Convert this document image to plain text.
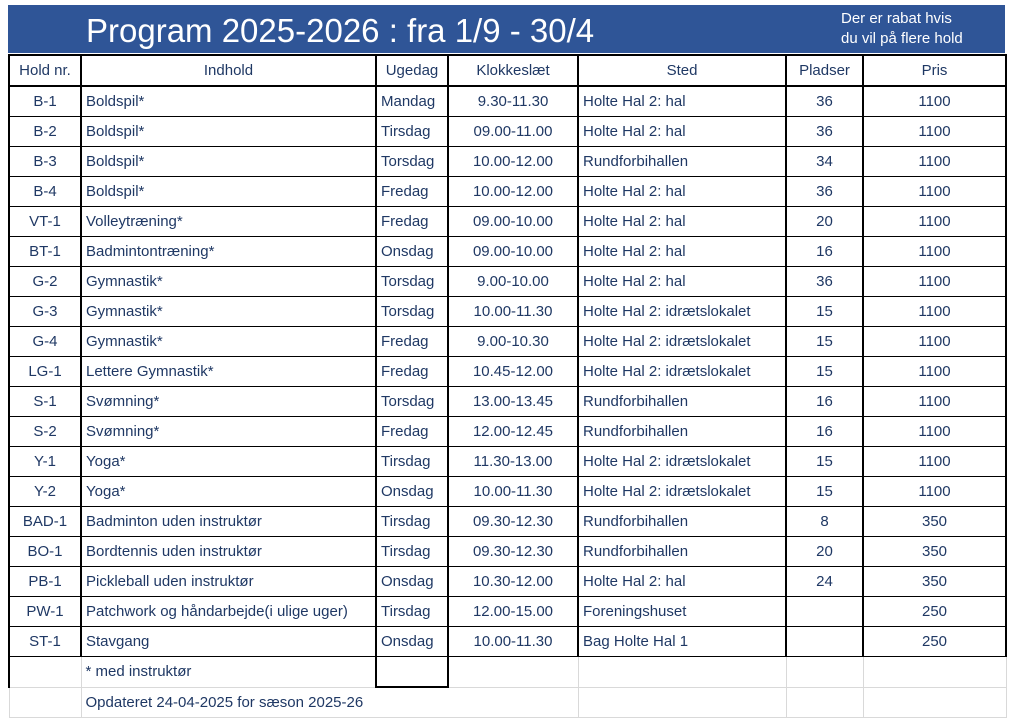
Program 2025-2026 : fra 1/9 - 30/4	Der er rabat hvis
du vil på flere hold
Hold nr.	Indhold	Ugedag	Klokkeslæt	Sted	Pladser	Pris
B-1	Boldspil*	Mandag	9.30-11.30	Holte Hal 2: hal	36	1100
B-2	Boldspil*	Tirsdag	09.00-11.00	Holte Hal 2: hal	36	1100
B-3	Boldspil*	Torsdag	10.00-12.00	Rundforbihallen	34	1100
B-4	Boldspil*	Fredag	10.00-12.00	Holte Hal 2: hal	36	1100
VT-1	Volleytræning*	Fredag	09.00-10.00	Holte Hal 2: hal	20	1100
BT-1	Badmintontræning*	Onsdag	09.00-10.00	Holte Hal 2: hal	16	1100
G-2	Gymnastik*	Torsdag	9.00-10.00	Holte Hal 2: hal	36	1100
G-3	Gymnastik*	Torsdag	10.00-11.30	Holte Hal 2: idrætslokalet	15	1100
G-4	Gymnastik*	Fredag	9.00-10.30	Holte Hal 2: idrætslokalet	15	1100
LG-1	Lettere Gymnastik*	Fredag	10.45-12.00	Holte Hal 2: idrætslokalet	15	1100
S-1	Svømning*	Torsdag	13.00-13.45	Rundforbihallen	16	1100
S-2	Svømning*	Fredag	12.00-12.45	Rundforbihallen	16	1100
Y-1	Yoga*	Tirsdag	11.30-13.00	Holte Hal 2: idrætslokalet	15	1100
Y-2	Yoga*	Onsdag	10.00-11.30	Holte Hal 2: idrætslokalet	15	1100
BAD-1	Badminton uden instruktør	Tirsdag	09.30-12.30	Rundforbihallen	8	350
BO-1	Bordtennis uden instruktør	Tirsdag	09.30-12.30	Rundforbihallen	20	350
PB-1	Pickleball uden instruktør	Onsdag	10.30-12.00	Holte Hal 2: hal	24	350
PW-1	Patchwork og håndarbejde(i ulige uger)	Tirsdag	12.00-15.00	Foreningshuset		250
ST-1	Stavgang	Onsdag	10.00-11.30	Bag Holte Hal 1		250
	* med instruktør					
	Opdateret 24-04-2025 for sæson 2025-26					
